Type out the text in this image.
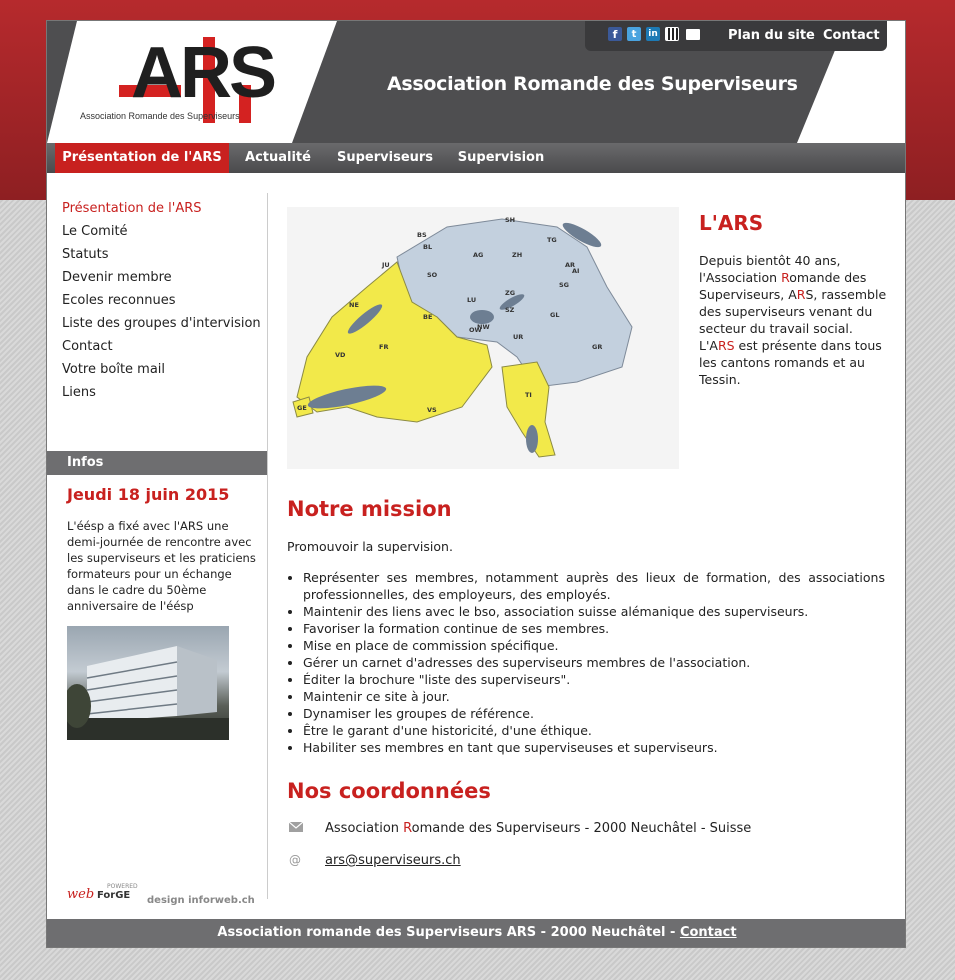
ARS
Association Romande des Superviseurs
Association Romande des Superviseurs
f	t	in	Plan du site Contact
Présentation de l'ARS	Actualité	Superviseurs Supervision
Présentation de l'ARS
Le Comité
Statuts
Devenir membre
Ecoles reconnues
Liste des groupes d'intervision
Contact
Votre boîte mail
Liens
Infos
Jeudi 18 juin 2015
L'éésp a fixé avec l'ARS une demi-journée de rencontre avec les superviseurs et les praticiens formateurs pour un échange dans le cadre du 50ème anniversaire de l'éésp
POWERED
web ForGE design inforweb.ch
GE
VD
NE
JU
FR
BE
VS
TI
SH
BS
BL
AG	ZH
TG
SG
AR
AI
SO
LU
ZG
SZ
GL
NW
OW
UR
GR
L'ARS
Depuis bientôt 40 ans, l'Association Romande des Superviseurs, ARS, rassemble des superviseurs venant du secteur du travail social.
L'ARS est présente dans tous les cantons romands et au Tessin.
Notre mission
Promouvoir la supervision.
• Représenter ses membres, notamment auprès des lieux de formation, des associations professionnelles, des employeurs, des employés.
• Maintenir des liens avec le bso, association suisse alémanique des superviseurs.
• Favoriser la formation continue de ses membres.
• Mise en place de commission spécifique.
• Gérer un carnet d'adresses des superviseurs membres de l'association.
• Éditer la brochure "liste des superviseurs".
• Maintenir ce site à jour.
• Dynamiser les groupes de référence.
• Être le garant d'une historicité, d'une éthique.
• Habiliter ses membres en tant que superviseuses et superviseurs.
Nos coordonnées
Association Romande des Superviseurs - 2000 Neuchâtel - Suisse
@	ars@superviseurs.ch
Association romande des Superviseurs ARS - 2000 Neuchâtel - Contact
